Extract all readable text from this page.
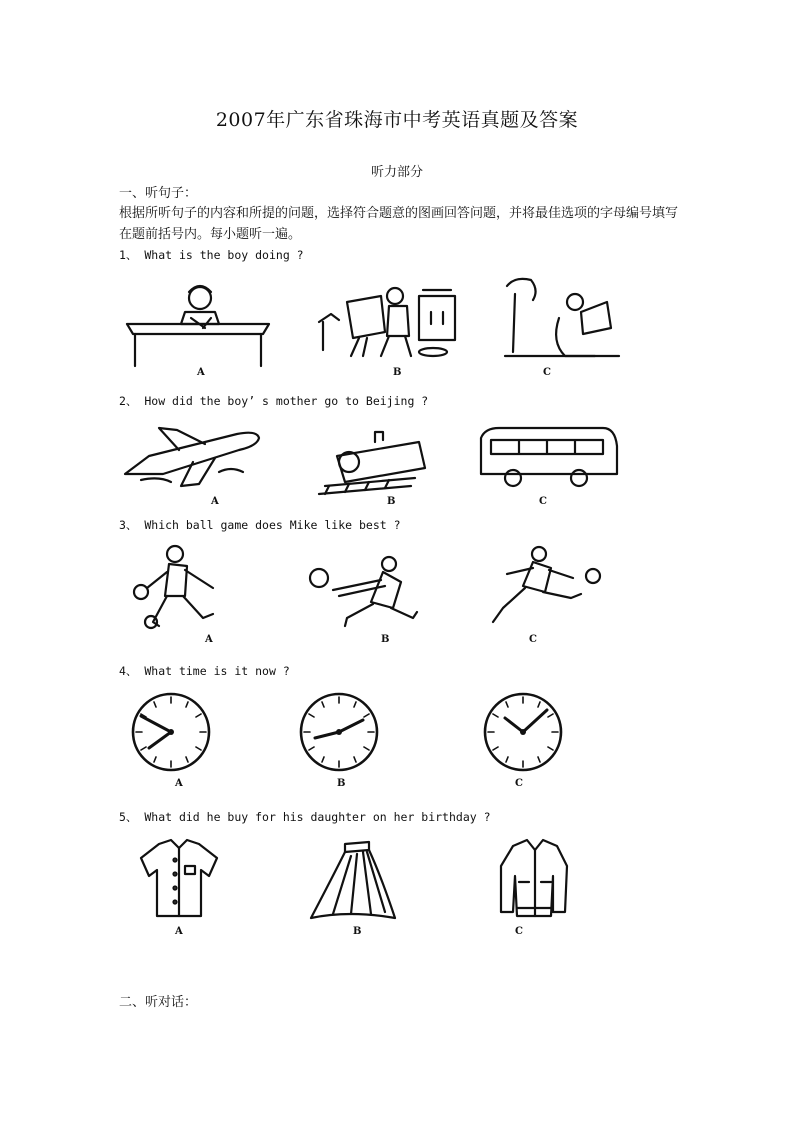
2007年广东省珠海市中考英语真题及答案
听力部分
一、听句子：
根据所听句子的内容和所提的问题，选择符合题意的图画回答问题，并将最佳选项的字母编号填写在题前括号内。每小题听一遍。
1、 What is the boy doing ?
A	B	C
2、 How did the boy’ s mother go to Beijing ?
A	B	C
3、 Which ball game does Mike like best ?
A	B	C
4、 What time is it now ?
A	B	C
5、 What did he buy for his daughter on her birthday ?
A	B	C
二、听对话：
